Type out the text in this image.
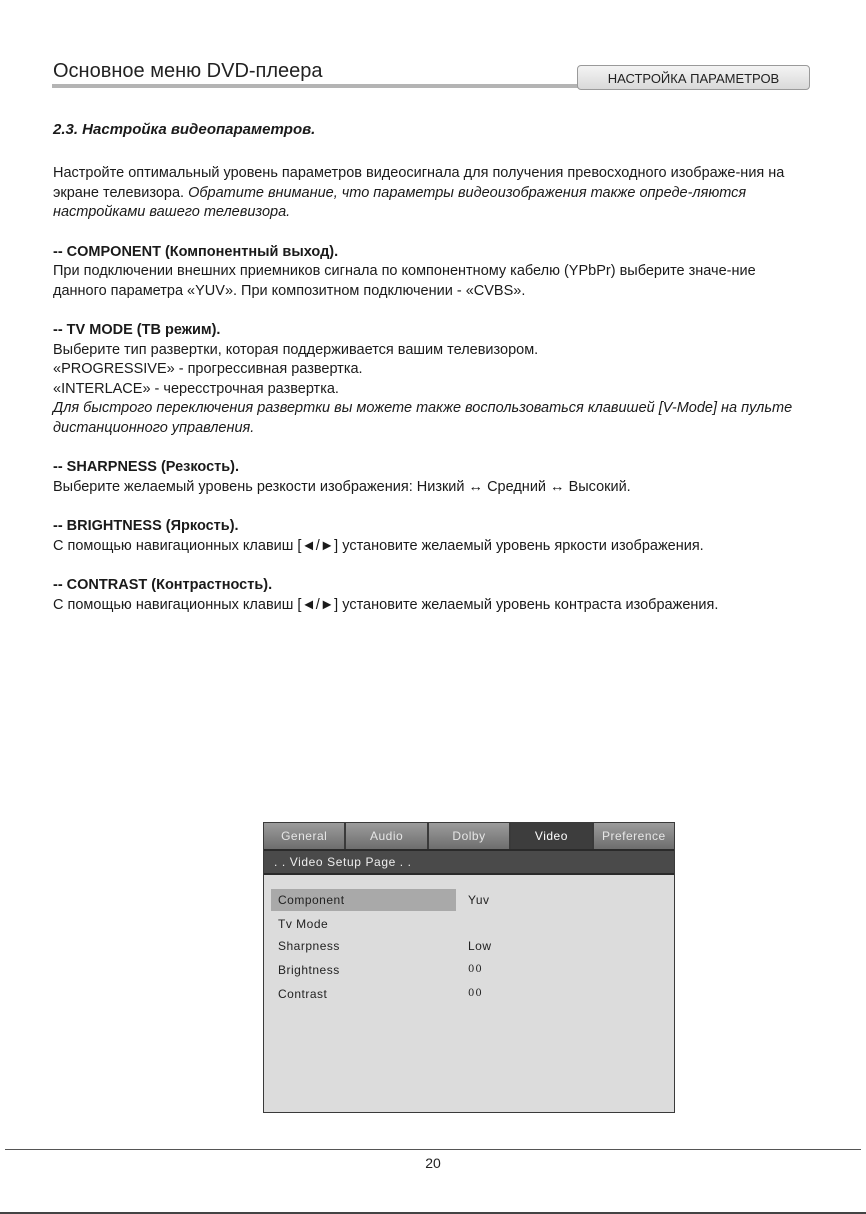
Основное меню DVD-плеера	НАСТРОЙКА ПАРАМЕТРОВ
2.3. Настройка видеопараметров.

Настройте оптимальный уровень параметров видеосигнала для получения превосходного изображе-ния на экране телевизора. Обратите внимание, что параметры видеоизображения также опреде-ляются настройками вашего телевизора.

-- COMPONENT (Компонентный выход).
При подключении внешних приемников сигнала по компонентному кабелю (YPbPr) выберите значе-ние данного параметра «YUV». При композитном подключении - «CVBS».

-- TV MODE (ТВ режим).
Выберите тип развертки, которая поддерживается вашим телевизором.
«PROGRESSIVE» - прогрессивная развертка.
«INTERLACE» - чересстрочная развертка.
Для быстрого переключения развертки вы можете также воспользоваться клавишей [V-Mode] на пульте дистанционного управления.

-- SHARPNESS (Резкость).
Выберите желаемый уровень резкости изображения: Низкий ↔ Средний ↔ Высокий.

-- BRIGHTNESS (Яркость).
С помощью навигационных клавиш [◄/►] установите желаемый уровень яркости изображения.

-- CONTRAST (Контрастность).
С помощью навигационных клавиш [◄/►] установите желаемый уровень контраста изображения.

General	Audio	Dolby	Video	Preference
. . Video Setup Page . .
Component	Yuv
Tv Mode
Sharpness	Low
Brightness	00
Contrast	00
20
